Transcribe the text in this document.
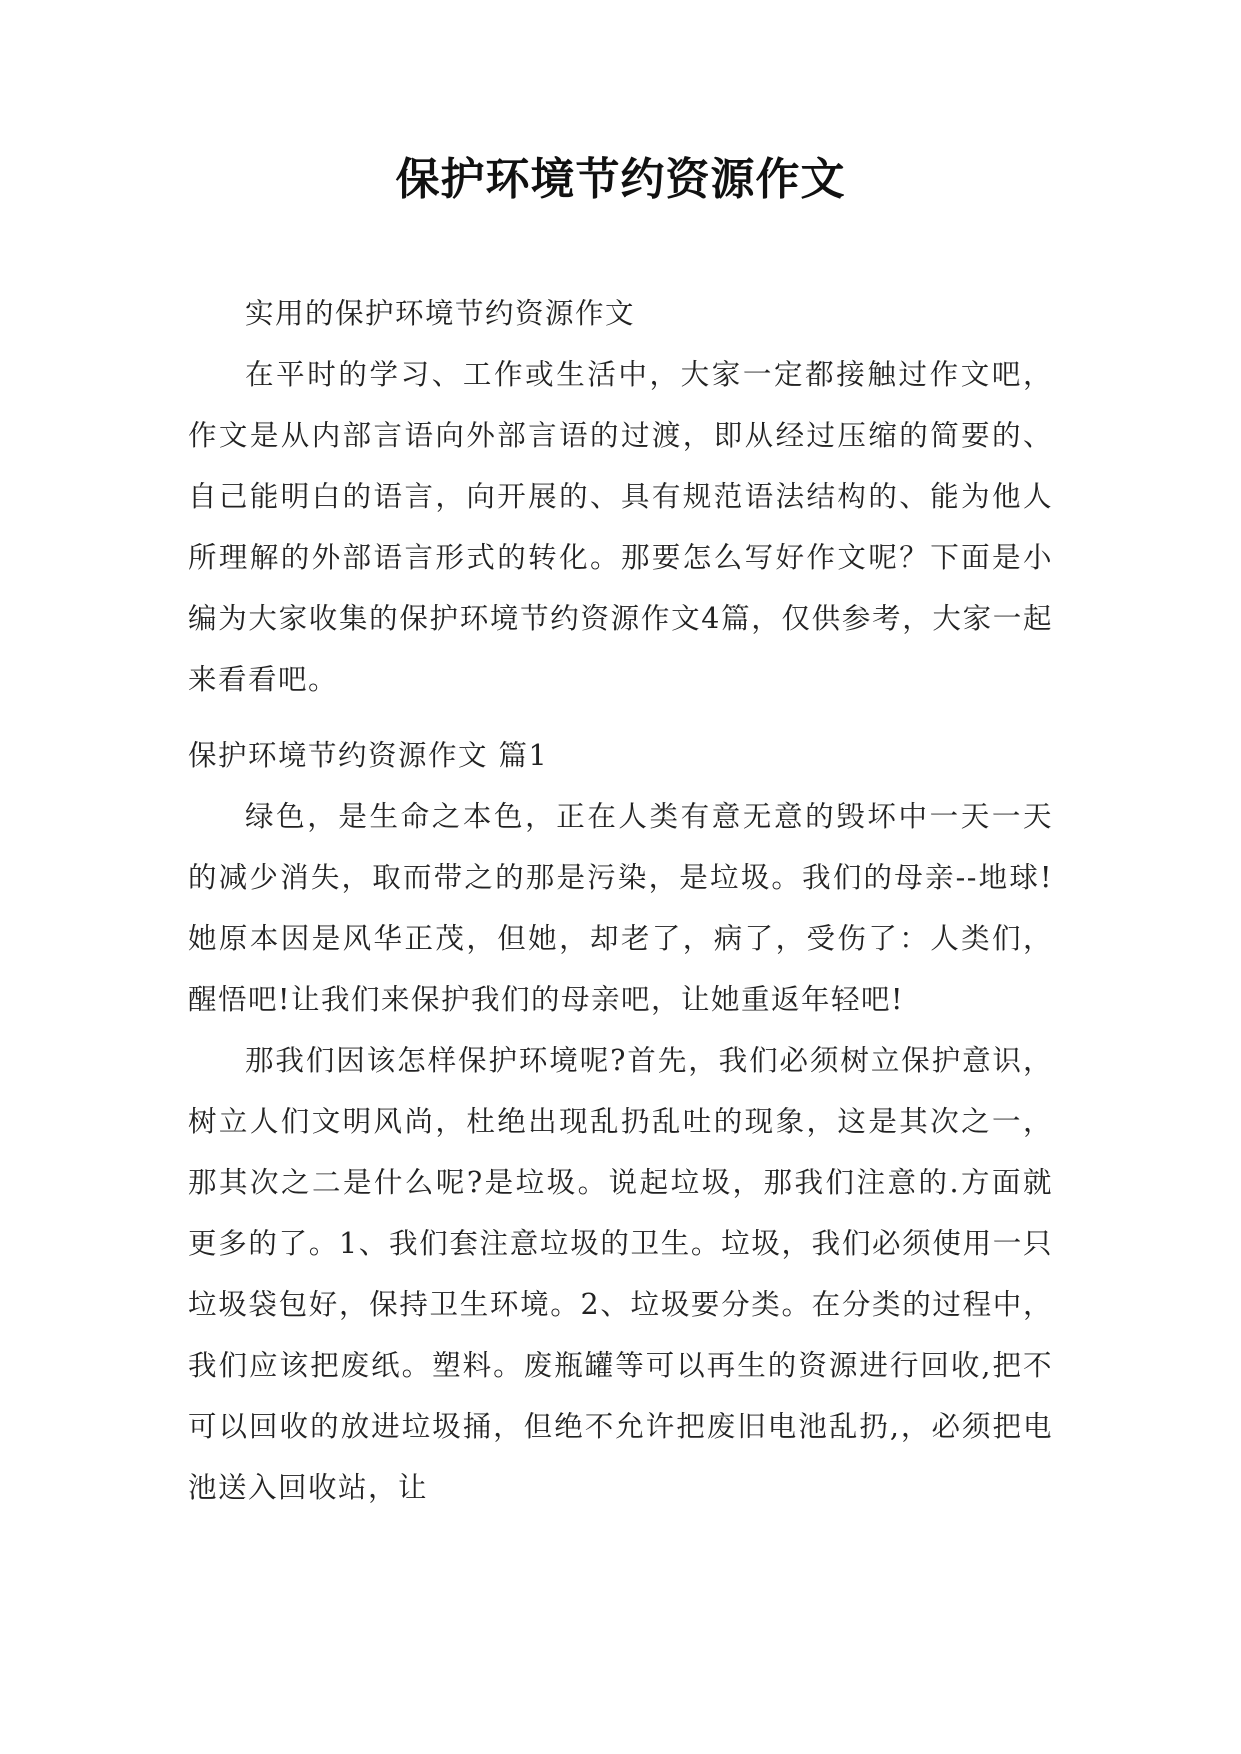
保护环境节约资源作文

实用的保护环境节约资源作文

在平时的学习、工作或生活中，大家一定都接触过作文吧，作文是从内部言语向外部言语的过渡，即从经过压缩的简要的、自己能明白的语言，向开展的、具有规范语法结构的、能为他人所理解的外部语言形式的转化。那要怎么写好作文呢？下面是小编为大家收集的保护环境节约资源作文4篇，仅供参考，大家一起来看看吧。

保护环境节约资源作文 篇1

绿色，是生命之本色，正在人类有意无意的毁坏中一天一天的减少消失，取而带之的那是污染，是垃圾。我们的母亲--地球!她原本因是风华正茂，但她，却老了，病了，受伤了：人类们，醒悟吧!让我们来保护我们的母亲吧，让她重返年轻吧!

那我们因该怎样保护环境呢?首先，我们必须树立保护意识，树立人们文明风尚，杜绝出现乱扔乱吐的现象，这是其次之一，那其次之二是什么呢?是垃圾。说起垃圾，那我们注意的.方面就更多的了。1、我们套注意垃圾的卫生。垃圾，我们必须使用一只垃圾袋包好，保持卫生环境。2、垃圾要分类。在分类的过程中，我们应该把废纸。塑料。废瓶罐等可以再生的资源进行回收,把不可以回收的放进垃圾捅，但绝不允许把废旧电池乱扔,，必须把电池送入回收站，让
